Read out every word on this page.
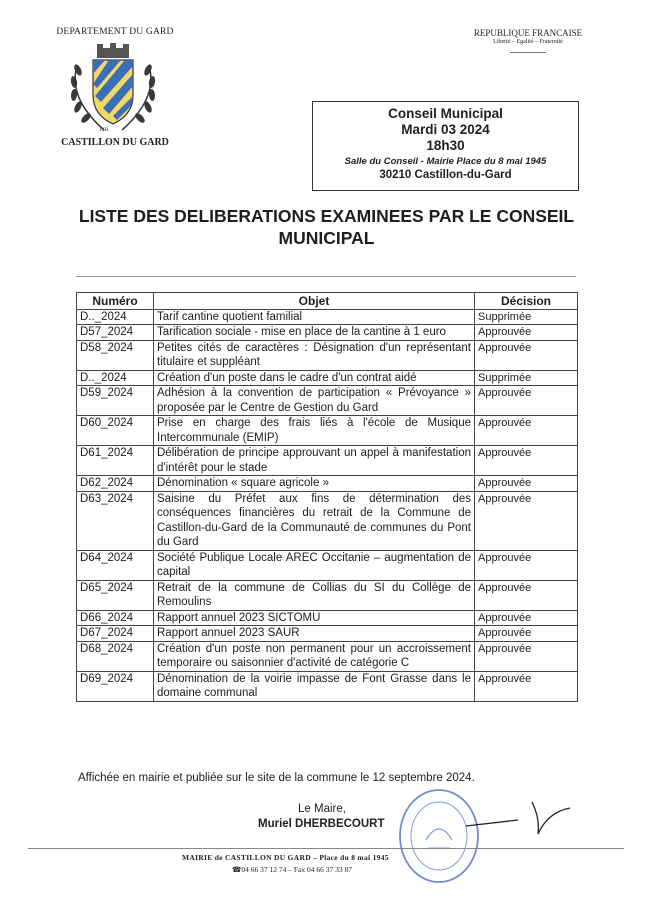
DEPARTEMENT DU GARD
LIB.
CASTILLON DU GARD
REPUBLIQUE FRANCAISE
Liberté – Egalité – Fraternité
Conseil Municipal
Mardi 03 2024
18h30
Salle du Conseil - Mairie Place du 8 mai 1945
30210 Castillon-du-Gard
LISTE DES DELIBERATIONS EXAMINEES PAR LE CONSEIL MUNICIPAL
Numéro	Objet	Décision
D.._2024	Tarif cantine quotient familial	Supprimée
D57_2024	Tarification sociale - mise en place de la cantine à 1 euro	Approuvée
D58_2024	Petites cités de caractères : Désignation d'un représentant titulaire et suppléant	Approuvée
D.._2024	Création d'un poste dans le cadre d'un contrat aidé	Supprimée
D59_2024	Adhésion à la convention de participation « Prévoyance » proposée par le Centre de Gestion du Gard	Approuvée
D60_2024	Prise en charge des frais liés à l'école de Musique Intercommunale (EMIP)	Approuvée
D61_2024	Délibération de principe approuvant un appel à manifestation d'intérêt pour le stade	Approuvée
D62_2024	Dénomination « square agricole »	Approuvée
D63_2024	Saisine du Préfet aux fins de détermination des conséquences financières du retrait de la Commune de Castillon-du-Gard de la Communauté de communes du Pont du Gard	Approuvée
D64_2024	Société Publique Locale AREC Occitanie – augmentation de capital	Approuvée
D65_2024	Retrait de la commune de Collias du SI du Collège de Remoulins	Approuvée
D66_2024	Rapport annuel 2023 SICTOMU	Approuvée
D67_2024	Rapport annuel 2023 SAUR	Approuvée
D68_2024	Création d'un poste non permanent pour un accroissement temporaire ou saisonnier d'activité de catégorie C	Approuvée
D69_2024	Dénomination de la voirie impasse de Font Grasse dans le domaine communal	Approuvée
Affichée en mairie et publiée sur le site de la commune le 12 septembre 2024.
Le Maire,
Muriel DHERBECOURT
MAIRIE de CASTILLON DU GARD – Place du 8 mai 1945
☎04 66 37 12 74 – Fax 04 66 37 33 87
